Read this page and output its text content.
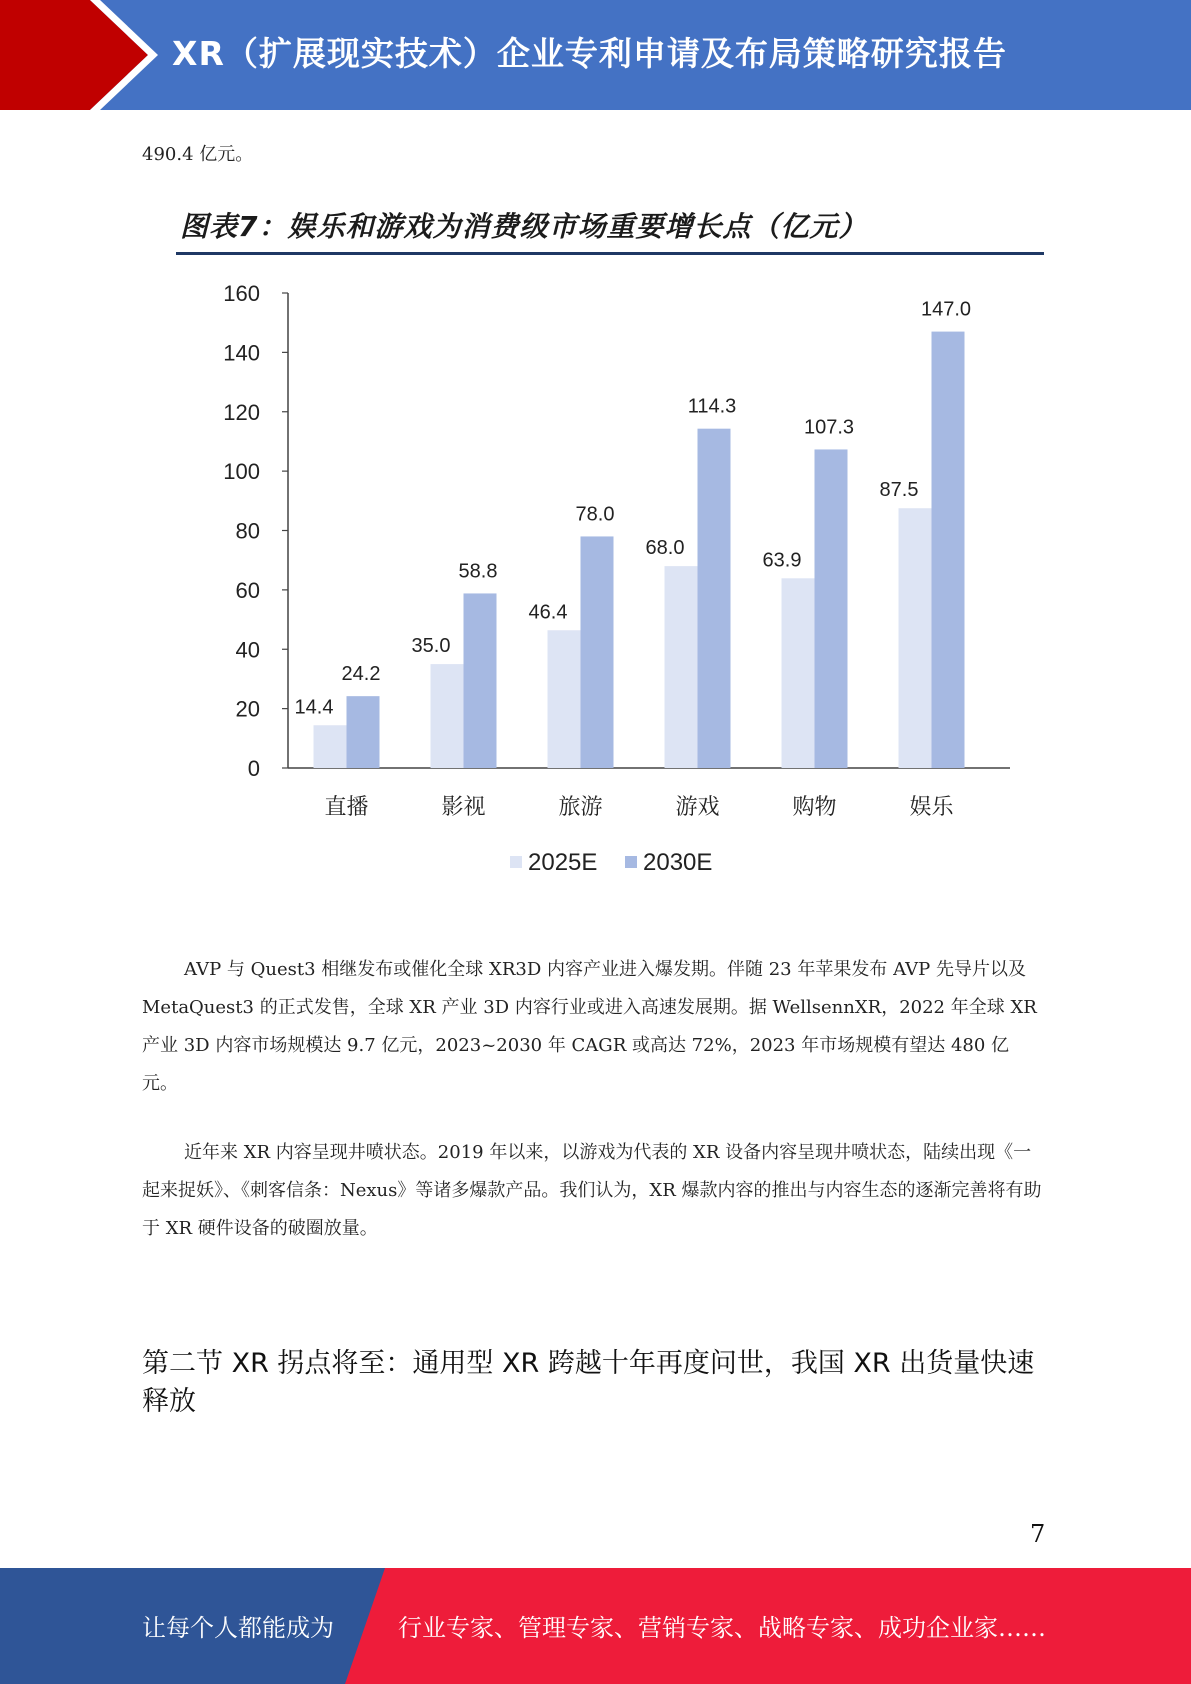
XR（扩展现实技术）企业专利申请及布局策略研究报告
490.4 亿元。
图表7：娱乐和游戏为消费级市场重要增长点（亿元）
0
20
40
60
80
100
120
140
160
14.4
24.2
直播
35.0
58.8
影视
46.4
78.0
旅游
68.0
114.3
游戏
63.9
107.3
购物
87.5
147.0
娱乐
2025E 2030E

AVP 与 Quest3 相继发布或催化全球 XR3D 内容产业进入爆发期。伴随 23 年苹果发布 AVP 先导片以及 MetaQuest3 的正式发售，全球 XR 产业 3D 内容行业或进入高速发展期。据 WellsennXR，2022 年全球 XR 产业 3D 内容市场规模达 9.7 亿元，2023~2030 年 CAGR 或高达 72%，2023 年市场规模有望达 480 亿元。

近年来 XR 内容呈现井喷状态。2019 年以来，以游戏为代表的 XR 设备内容呈现井喷状态，陆续出现《一起来捉妖》、《刺客信条：Nexus》等诸多爆款产品。我们认为，XR 爆款内容的推出与内容生态的逐渐完善将有助于 XR 硬件设备的破圈放量。

第二节 XR 拐点将至：通用型 XR 跨越十年再度问世，我国 XR 出货量快速释放
7
让每个人都能成为	行业专家、管理专家、营销专家、战略专家、成功企业家……
